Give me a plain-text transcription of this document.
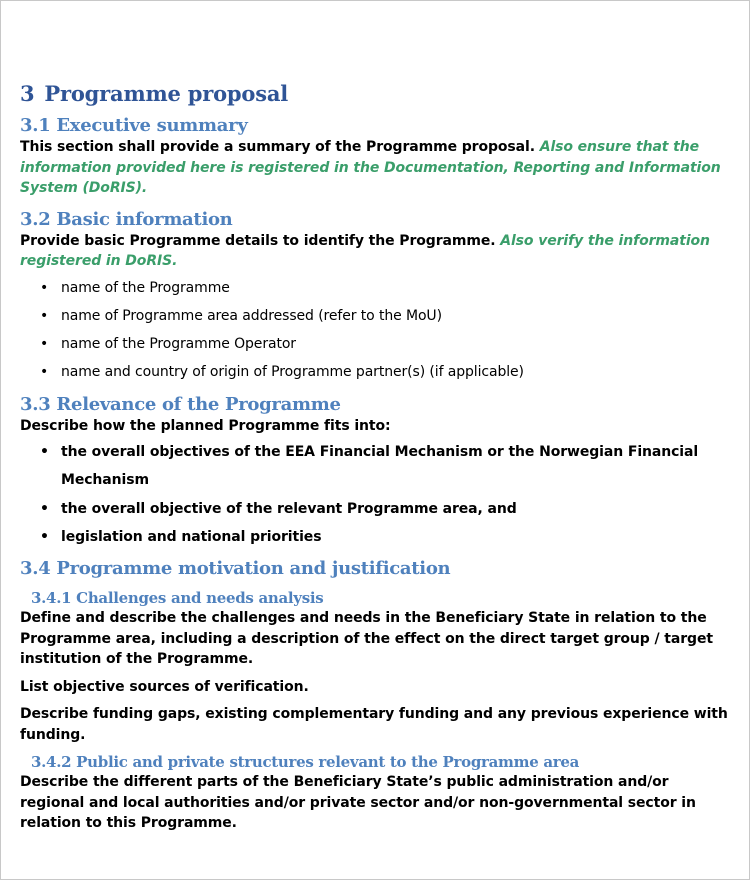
3 Programme proposal
3.1 Executive summary

This section shall provide a summary of the Programme proposal. Also ensure that the information provided here is registered in the Documentation, Reporting and Information System (DoRIS).

3.2 Basic information

Provide basic Programme details to identify the Programme. Also verify the information registered in DoRIS.

• name of the Programme
• name of Programme area addressed (refer to the MoU)
• name of the Programme Operator
• name and country of origin of Programme partner(s) (if applicable)
3.3 Relevance of the Programme

Describe how the planned Programme fits into:

• the overall objectives of the EEA Financial Mechanism or the Norwegian Financial Mechanism
• the overall objective of the relevant Programme area, and
• legislation and national priorities
3.4 Programme motivation and justification
3.4.1 Challenges and needs analysis

Define and describe the challenges and needs in the Beneficiary State in relation to the Programme area, including a description of the effect on the direct target group / target institution of the Programme.

List objective sources of verification.

Describe funding gaps, existing complementary funding and any previous experience with funding.

3.4.2 Public and private structures relevant to the Programme area

Describe the different parts of the Beneficiary State’s public administration and/or regional and local authorities and/or private sector and/or non-governmental sector in relation to this Programme.
